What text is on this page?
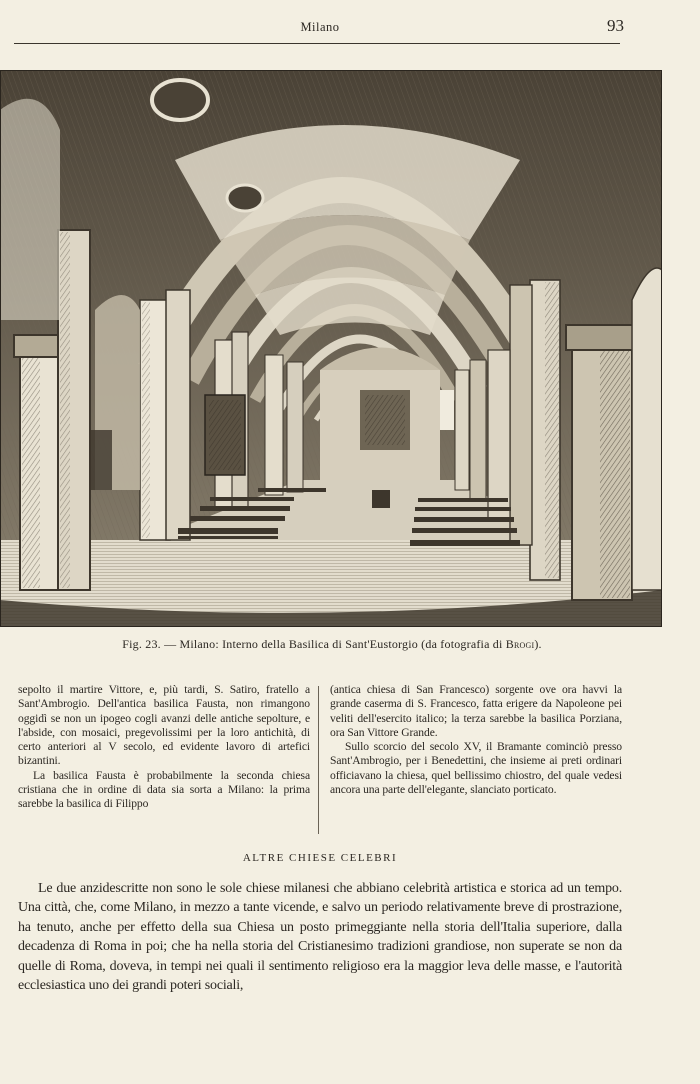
Milano	93
Fig. 23. — Milano: Interno della Basilica di Sant'Eustorgio (da fotografia di Brogi).

sepolto il martire Vittore, e, più tardi, S. Satiro, fratello a Sant'Ambrogio. Dell'antica basilica Fausta, non rimangono oggidì se non un ipogeo cogli avanzi delle antiche sepolture, e l'abside, con mosaici, pregevolissimi per la loro antichità, di certo anteriori al V secolo, ed evidente lavoro di artefici bizantini.

La basilica Fausta è probabilmente la seconda chiesa cristiana che in ordine di data sia sorta a Milano: la prima sarebbe la basilica di Filippo

(antica chiesa di San Francesco) sorgente ove ora havvi la grande caserma di S. Francesco, fatta erigere da Napoleone pei veliti dell'esercito italico; la terza sarebbe la basilica Porziana, ora San Vittore Grande.

Sullo scorcio del secolo XV, il Bramante cominciò presso Sant'Ambrogio, per i Benedettini, che insieme ai preti ordinari officiavano la chiesa, quel bellissimo chiostro, del quale vedesi ancora una parte dell'elegante, slanciato porticato.

ALTRE CHIESE CELEBRI

Le due anzidescritte non sono le sole chiese milanesi che abbiano celebrità artistica e storica ad un tempo. Una città, che, come Milano, in mezzo a tante vicende, e salvo un periodo relativamente breve di prostrazione, ha tenuto, anche per effetto della sua Chiesa un posto primeggiante nella storia dell'Italia superiore, dalla decadenza di Roma in poi; che ha nella storia del Cristianesimo tradizioni grandiose, non superate se non da quelle di Roma, doveva, in tempi nei quali il sentimento religioso era la maggior leva delle masse, e l'autorità ecclesiastica uno dei grandi poteri sociali,
